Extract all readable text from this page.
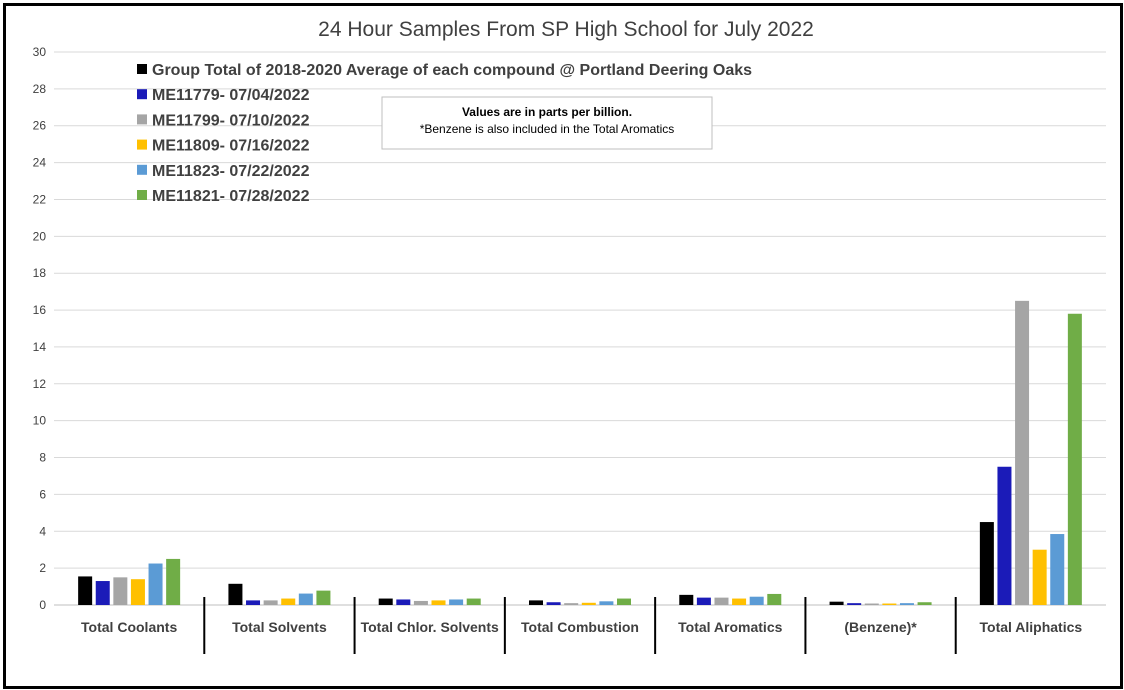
0
2
4
6
8
10
12
14
16
18
20
22
24
26
28
30
Total Coolants	Total Solvents Total Chlor. Solvents Total Combustion	Total Aromatics	(Benzene)*	Total Aliphatics
Group Total of 2018-2020 Average of each compound @ Portland Deering Oaks
ME11779- 07/04/2022
ME11799- 07/10/2022
ME11809- 07/16/2022
ME11823- 07/22/2022
ME11821- 07/28/2022
24 Hour Samples From SP High School for July 2022
Values are in parts per billion.
*Benzene is also included in the Total Aromatics
